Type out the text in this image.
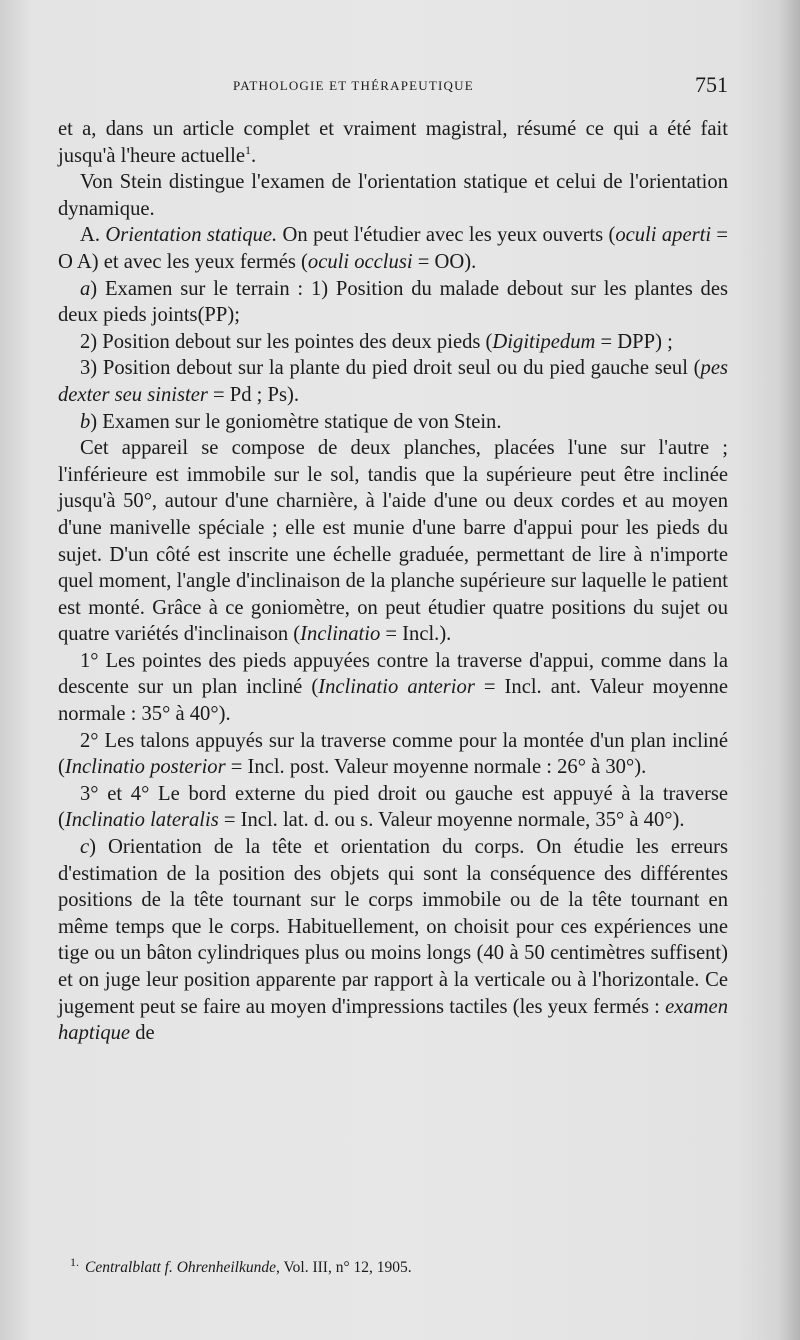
PATHOLOGIE ET THÉRAPEUTIQUE	751

et a, dans un article complet et vraiment magistral, résumé ce qui a été fait jusqu'à l'heure actuelle$^1$.

Von Stein distingue l'examen de l'orientation statique et celui de l'orientation dynamique.

A. Orientation statique. On peut l'étudier avec les yeux ouverts (oculi aperti = O A) et avec les yeux fermés (oculi occlusi = OO).

a) Examen sur le terrain : 1) Position du malade debout sur les plantes des deux pieds joints(PP);

2) Position debout sur les pointes des deux pieds (Digitipedum = DPP) ;

3) Position debout sur la plante du pied droit seul ou du pied gauche seul (pes dexter seu sinister = Pd ; Ps).

b) Examen sur le goniomètre statique de von Stein.

Cet appareil se compose de deux planches, placées l'une sur l'autre ; l'inférieure est immobile sur le sol, tandis que la supérieure peut être inclinée jusqu'à 50°, autour d'une charnière, à l'aide d'une ou deux cordes et au moyen d'une manivelle spéciale ; elle est munie d'une barre d'appui pour les pieds du sujet. D'un côté est inscrite une échelle graduée, permettant de lire à n'importe quel moment, l'angle d'inclinaison de la planche supérieure sur laquelle le patient est monté. Grâce à ce goniomètre, on peut étudier quatre positions du sujet ou quatre variétés d'inclinaison (Inclinatio = Incl.).

1° Les pointes des pieds appuyées contre la traverse d'appui, comme dans la descente sur un plan incliné (Inclinatio anterior = Incl. ant. Valeur moyenne normale : 35° à 40°).

2° Les talons appuyés sur la traverse comme pour la montée d'un plan incliné (Inclinatio posterior = Incl. post. Valeur moyenne normale : 26° à 30°).

3° et 4° Le bord externe du pied droit ou gauche est appuyé à la traverse (Inclinatio lateralis = Incl. lat. d. ou s. Valeur moyenne normale, 35° à 40°).

c) Orientation de la tête et orientation du corps. On étudie les erreurs d'estimation de la position des objets qui sont la conséquence des différentes positions de la tête tournant sur le corps immobile ou de la tête tournant en même temps que le corps. Habituellement, on choisit pour ces expériences une tige ou un bâton cylindriques plus ou moins longs (40 à 50 centimètres suffisent) et on juge leur position apparente par rapport à la verticale ou à l'horizontale. Ce jugement peut se faire au moyen d'impressions tactiles (les yeux fermés : examen haptique de

$^{1.}$ Centralblatt f. Ohrenheilkunde, Vol. III, n° 12, 1905.
